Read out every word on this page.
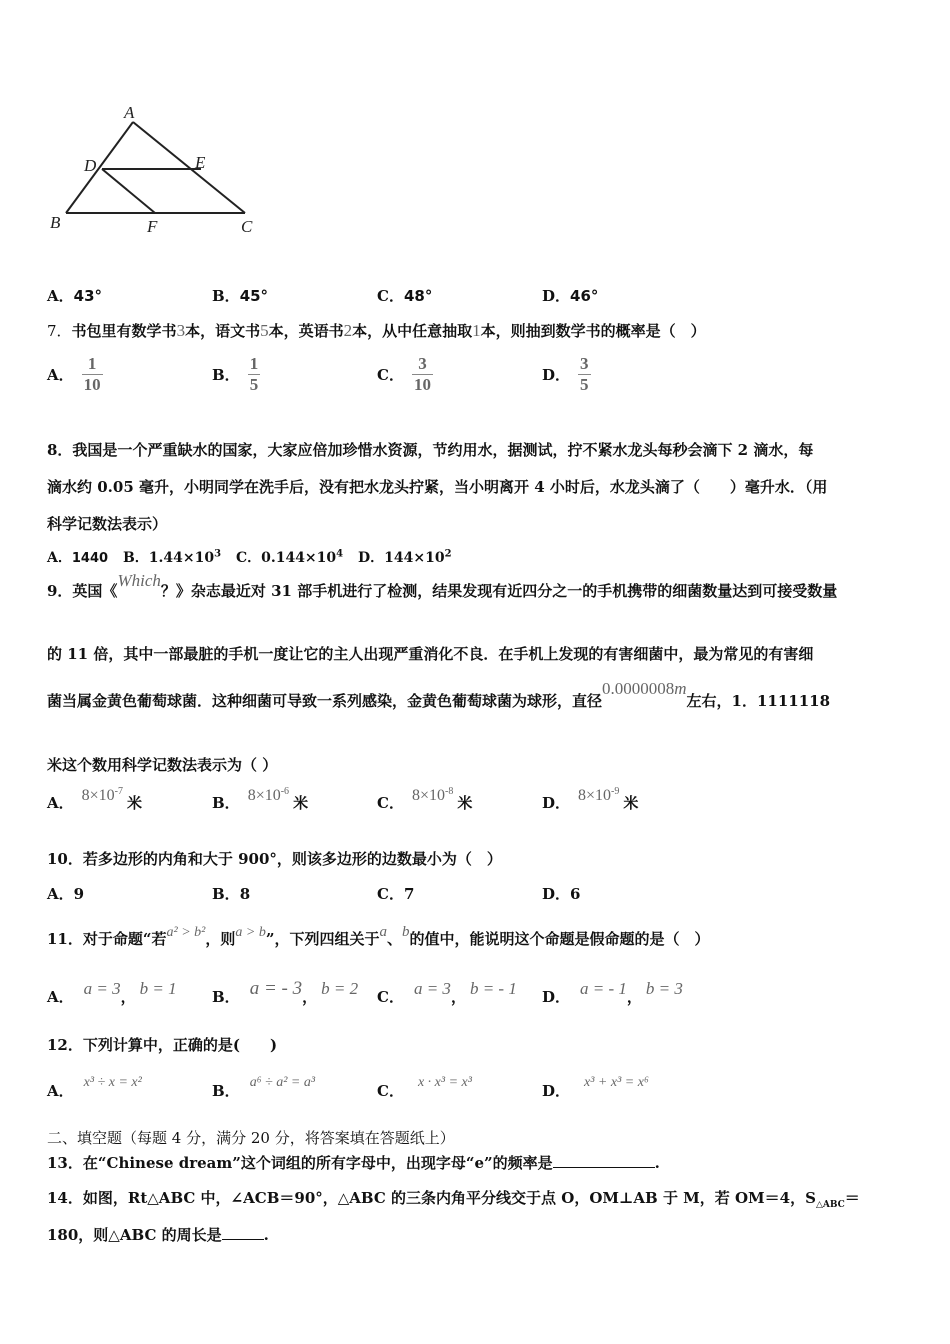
A
D	E
B	F	C
A．43°	B．45°	C．48°	D．46°
7．书包里有数学书3本，语文书5本，英语书2本，从中任意抽取1本，则抽到数学书的概率是（　）
A． $\frac{1}{10}$	B． $\frac{1}{5}$	C． $\frac{3}{10}$	D． $\frac{3}{5}$
8．我国是一个严重缺水的国家，大家应倍加珍惜水资源，节约用水，据测试，拧不紧水龙头每秒会滴下 2 滴水，每
滴水约 0.05 毫升，小明同学在洗手后，没有把水龙头拧紧，当小明离开 4 小时后，水龙头滴了（　　）毫升水．（用
科学记数法表示）
A．1440 B．$1.44\times 10^3$ C．$0.144\times 10^4$ D．$144\times 10^2$
9．英国《Which？》杂志最近对 31 部手机进行了检测，结果发现有近四分之一的手机携带的细菌数量达到可接受数量
的 11 倍，其中一部最脏的手机一度让它的主人出现严重消化不良．在手机上发现的有害细菌中，最为常见的有害细
菌当属金黄色葡萄球菌．这种细菌可导致一系列感染，金黄色葡萄球菌为球形，直径0.0000008m左右，1．1111118
米这个数用科学记数法表示为（ ）
A． $8\times 10^{-7}$米	B． $8\times 10^{-6}$米	C． $8\times 10^{-8}$米	D． $8\times 10^{-9}$米
10．若多边形的内角和大于 900°，则该多边形的边数最小为（　）
A．9	B．8	C．7	D．6
11．对于命题“若a² > b²，则a > b”，下列四组关于a、b的值中，能说明这个命题是假命题的是（　）
A． a = 3， b = 1 B． a = - 3， b = 2 C． a = 3， b = - 1 D． a = - 1， b = 3
12．下列计算中，正确的是(　　)
A． x³ ÷ x = x²	B． a⁶ ÷ a² = a³	C． x · x³ = x³	D． x³ + x³ = x⁶
二、填空题（每题 4 分，满分 20 分，将答案填在答题纸上）
13．在“Chinese dream”这个词组的所有字母中，出现字母“e”的频率是	.
14．如图，Rt△ABC 中，∠ACB＝90°，△ABC 的三条内角平分线交于点 O，OM⊥AB 于 M，若 OM＝4，$S_{\triangle ABC}=$
180，则△ABC 的周长是	.
